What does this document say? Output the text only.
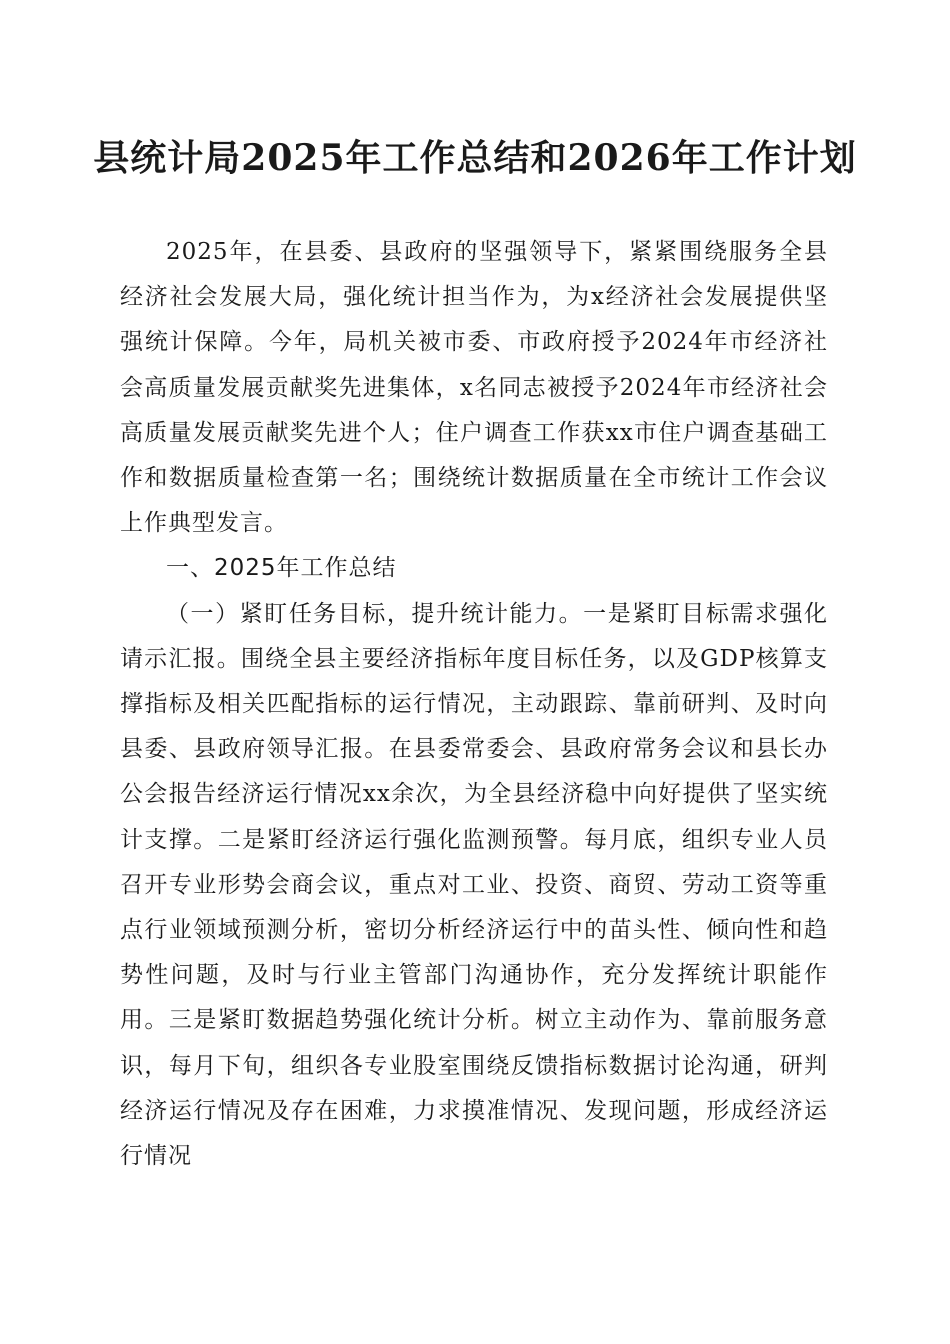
县统计局2025年工作总结和2026年工作计划

2025年，在县委、县政府的坚强领导下，紧紧围绕服务全县经济社会发展大局，强化统计担当作为，为x经济社会发展提供坚强统计保障。今年，局机关被市委、市政府授予2024年市经济社会高质量发展贡献奖先进集体，x名同志被授予2024年市经济社会高质量发展贡献奖先进个人；住户调查工作获xx市住户调查基础工作和数据质量检查第一名；围绕统计数据质量在全市统计工作会议上作典型发言。

一、2025年工作总结

（一）紧盯任务目标，提升统计能力。一是紧盯目标需求强化请示汇报。围绕全县主要经济指标年度目标任务，以及GDP核算支撑指标及相关匹配指标的运行情况，主动跟踪、靠前研判、及时向县委、县政府领导汇报。在县委常委会、县政府常务会议和县长办公会报告经济运行情况xx余次，为全县经济稳中向好提供了坚实统计支撑。二是紧盯经济运行强化监测预警。每月底，组织专业人员召开专业形势会商会议，重点对工业、投资、商贸、劳动工资等重点行业领域预测分析，密切分析经济运行中的苗头性、倾向性和趋势性问题，及时与行业主管部门沟通协作，充分发挥统计职能作用。三是紧盯数据趋势强化统计分析。树立主动作为、靠前服务意识，每月下旬，组织各专业股室围绕反馈指标数据讨论沟通，研判经济运行情况及存在困难，力求摸准情况、发现问题，形成经济运行情况
